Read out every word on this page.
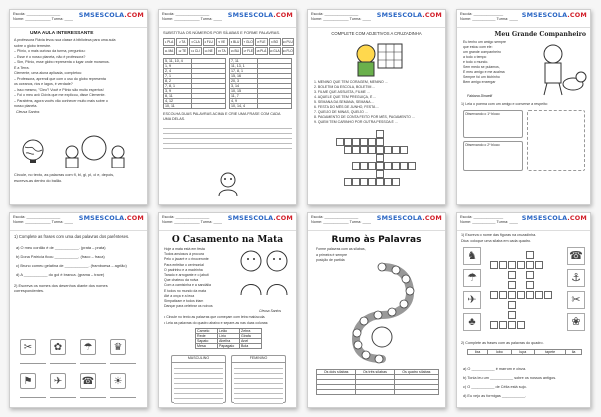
Escola: ________________
Nome: ____________ Turma: ____ SMSESCOLA.COM
UMA AULA INTERESSANTE
A professora Flávia levou sua classe à biblioteca para uma aula
sobre o globo terrestre.
– Plínio, o mais curioso da turma, perguntou:
– Esse é o nosso planeta, não é professora?
– Sim, Plínio, esse globo representa o lugar onde moramos.
É a Terra.
Clemente, uma aluna aplicada, completou:
– Professora, aprendi que com o uso do globo representa
os oceanos, rios e lagos, é verdade?
– Isso mesmo, "Cleo"! Você e Plínio são muito espertos!
– Foi o meu avô Clóvis que me explicou, disse Clemente.
– Parabéns, agora vocês vão conhecer muito mais sobre o
nosso planeta.
Cleusa Santos
Circule, no texto, as palavras com fl, bl, gl, pl, cl e, depois,
escreva-as dentro do balão.
Escola: ________________
Nome: ____________ Turma: ____ SMSESCOLA.COM
SUBSTITUA OS NÚMEROS POR SÍLABAS E FORME PALAVRAS.
1 PLA	2 TA	3 CLA	4 FLU	5 VE	6 BLU	7 GLO	8 FLE	9 BO	10 PLU
11 MA	12 TE	13 CLI	14 NE	15 TA	16 BLI	17 FLE	18 PLÁ	19 GLA	20 FLO
5, 11, 10, 4	
1, 9	
2, 4	
7, 1	
8, 2	
7, 8, 1	
3, 9	
8, 11	
4, 12	
10, 11	
7, 11	
11, 13, 1	
17, 8, 1	
15, 16	
20, 3	
3, 14	
10, 15	
11, 7	
4, 9	
10, 14, 4	
ESCOLHA DUAS PALAVRAS ACIMA E CRIE UMA FRASE COM CADA
UMA DELAS.
Escola: ________________
Nome: ____________ Turma: ____ SMSESCOLA.COM
COMPLETE COM ADJETIVOS A CRUZADINHA
1. MENINO QUE TEM CORAGEM, MENINO ...
2. BOLETIM DA ESCOLA, BOLETIM ...
3. FILME QUE ASSUSTA, FILME ...
4. AQUELE QUE TEM PREGUIÇA, É ...
5. SEMANA DA SEMANA, SEMANA ...
6. FESTA DO MÊS DE JUNHO, FESTA ...
7. QUEIJO DE MINAS, QUEIJO ...
8. PAGAMENTO DE CONTA FEITO POR MÊS, PAGAMENTO ...
9. QUEM TEM CARINHO POR OUTRA PESSOA É ...
Escola: ______________
Nome: ___________ Turma: ____ SMSESCOLA.COM
Meu Grande Companheiro
Eu tenho um amigo sempre
que estou com ele:
um grande companheiro
a todo o tempo
e todo o mundo.
Sem medo se pulamos,
É meu amigo e me acalma
Sempre foi um bichinho
Bem amigo enxergar
Fabiana Dinaelli
1) Leia o poema com um amigo e converse a respeito:
Observando o 1º bloco:
Observando o 2º bloco:
Escola: ________________
Nome: ____________ Turma: ____ SMSESCOLA.COM
1) Complete as frases com uma das palavras dos parênteses.
a) O meu cordão é de ___________. (prata – prata)
b) Dona Patrícia ficou ___________. (fraco – fraca)
c) Bruno comeu gelatina de ___________. (framboesa – agrião)
d) A ___________ do gol é branca. (grama – trave)
2) Escreva os nomes dos desenhos diante dos nomes
correspondentes.
✂	✿	☂	♛
⚑	✈	☎	☀
Escola: ________________
Nome: ____________ Turma: ____ SMSESCOLA.COM
O Casamento na Mata
Hoje a mata está em festa
Todos ansiosos à procura
Pelo o jacaré e o rinoceronte
Para enfeitar o cerimonial
O padrinho e a madrinha
Tarado e arrogante e o jabuti
Que chateou da noiva
Com a camisinha e a sandália
E todos no mundo da mata
Até a onça e a leoa
Simpatizam e todos iriam
Dançar para celebrar os noivos
Cleusa Santos
• Circule no texto as palavras que começam com letra maiúscula.
• Leia as palavras do quadro abaixo e separe-as nas duas colunas:
Camelo	Leão	Zebra
Rede	Lírio	Girafa
Sapato	Abelha	Anel
Mesa	Papagaio	Bola
MASCULINO	FEMININO
Escola: ________________
Nome: ____________ Turma: ____ SMSESCOLA.COM
Rumo às Palavras
Forme palavras com as sílabas,
a primeira é sempre
posição de partida
Os dois sílabas	Os três sílabas	Os quatro sílabas

Escola: ______________
Nome: ___________ Turma: ____ SMSESCOLA.COM
1) Escreva o nome das figuras na cruzadinha.
Dica: coloque uma sílaba em cada quadro.
♞
☂
✈
♣
☎
⚓
✂
❀
2) Complete as frases com as palavras do quadro.
lixa	lobo	lupa	tapete	lia
a) O ___________ é marrom e cinza.
b) Tonia leu um ___________ sobre os nossos antigos.
c) O ___________ de Célia está sujo.
d) Eu vejo as formigas ___________.
